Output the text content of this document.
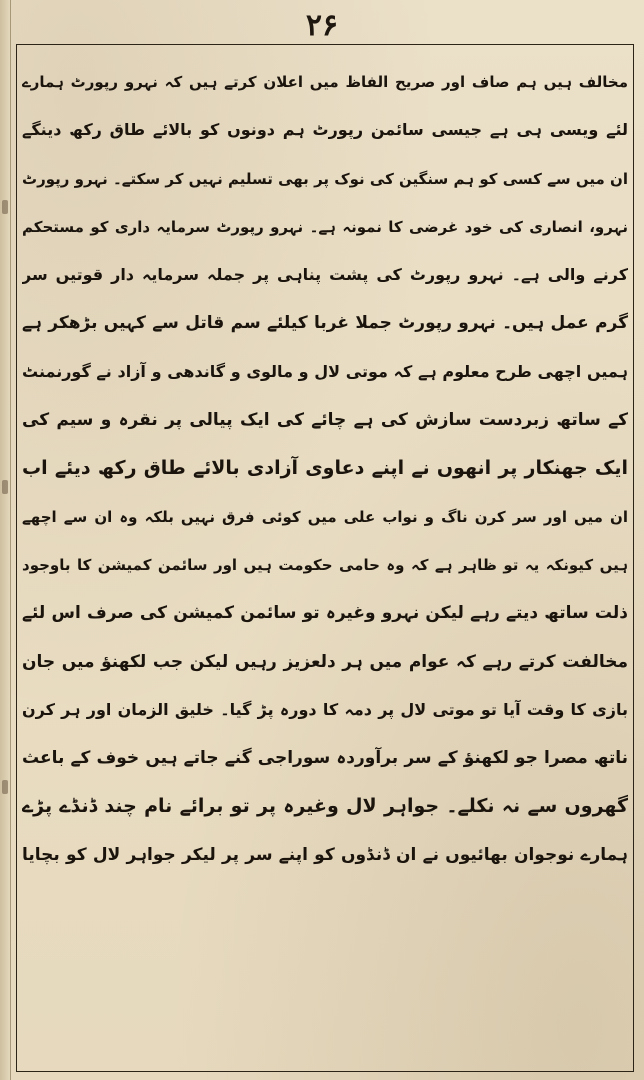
۲۶
مخالف ہیں ہم صاف اور صریح الفاظ میں اعلان کرتے ہیں کہ نہرو رپورٹ ہمارے
لئے ویسی ہی ہے جیسی سائمن رپورٹ ہم دونوں کو بالائے طاق رکھ دینگے
ان میں سے کسی کو ہم سنگین کی نوک پر بھی تسلیم نہیں کر سکتے۔ نہرو رپورٹ
نہرو، انصاری کی خود غرضی کا نمونہ ہے۔ نہرو رپورٹ سرمایہ داری کو مستحکم
کرنے والی ہے۔ نہرو رپورٹ کی پشت پناہی پر جملہ سرمایہ دار قوتیں سر
گرم عمل ہیں۔ نہرو رپورٹ جملا غربا کیلئے سم قاتل سے کہیں بڑھکر ہے
ہمیں اچھی طرح معلوم ہے کہ موتی لال و مالوی و گاندھی و آزاد نے گورنمنٹ
کے ساتھ زبردست سازش کی ہے چائے کی ایک پیالی پر نقرہ و سیم کی
ایک جھنکار پر انھوں نے اپنے دعاوی آزادی بالائے طاق رکھ دیئے اب
ان میں اور سر کرن ناگ و نواب علی میں کوئی فرق نہیں بلکہ وہ ان سے اچھے
ہیں کیونکہ یہ تو ظاہر ہے کہ وہ حامی حکومت ہیں اور سائمن کمیشن کا باوجود
ذلت ساتھ دیتے رہے لیکن نہرو وغیرہ تو سائمن کمیشن کی صرف اس لئے
مخالفت کرتے رہے کہ عوام میں ہر دلعزیز رہیں لیکن جب لکھنؤ میں جان
بازی کا وقت آیا تو موتی لال پر دمہ کا دورہ پڑ گیا۔ خلیق الزمان اور ہر کرن
ناتھ مصرا جو لکھنؤ کے سر برآوردہ سوراجی گنے جاتے ہیں خوف کے باعث
گھروں سے نہ نکلے۔ جواہر لال وغیرہ پر تو برائے نام چند ڈنڈے پڑے
ہمارے نوجوان بھائیوں نے ان ڈنڈوں کو اپنے سر پر لیکر جواہر لال کو بچایا
